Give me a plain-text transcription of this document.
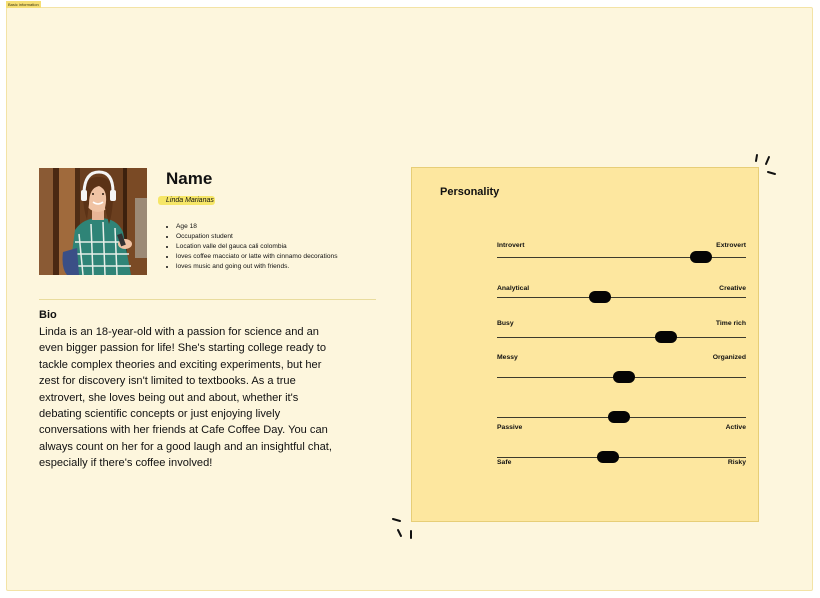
Basic information
Name
Linda Marianas
• Age 18
• Occupation student
• Location valle del gauca cali colombia
• loves coffee macciato or latte with cinnamo decorations
• loves music and going out with friends.
Bio

Linda is an 18-year-old with a passion for science and an even bigger passion for life! She's starting college ready to tackle complex theories and exciting experiments, but her zest for discovery isn't limited to textbooks. As a true extrovert, she loves being out and about, whether it's debating scientific concepts or just enjoying lively conversations with her friends at Cafe Coffee Day. You can always count on her for a good laugh and an insightful chat, especially if there's coffee involved!

Personality
Introvert	Extrovert
Analytical	Creative
Busy	Time rich
Messy	Organized
Passive	Active
Safe	Risky
